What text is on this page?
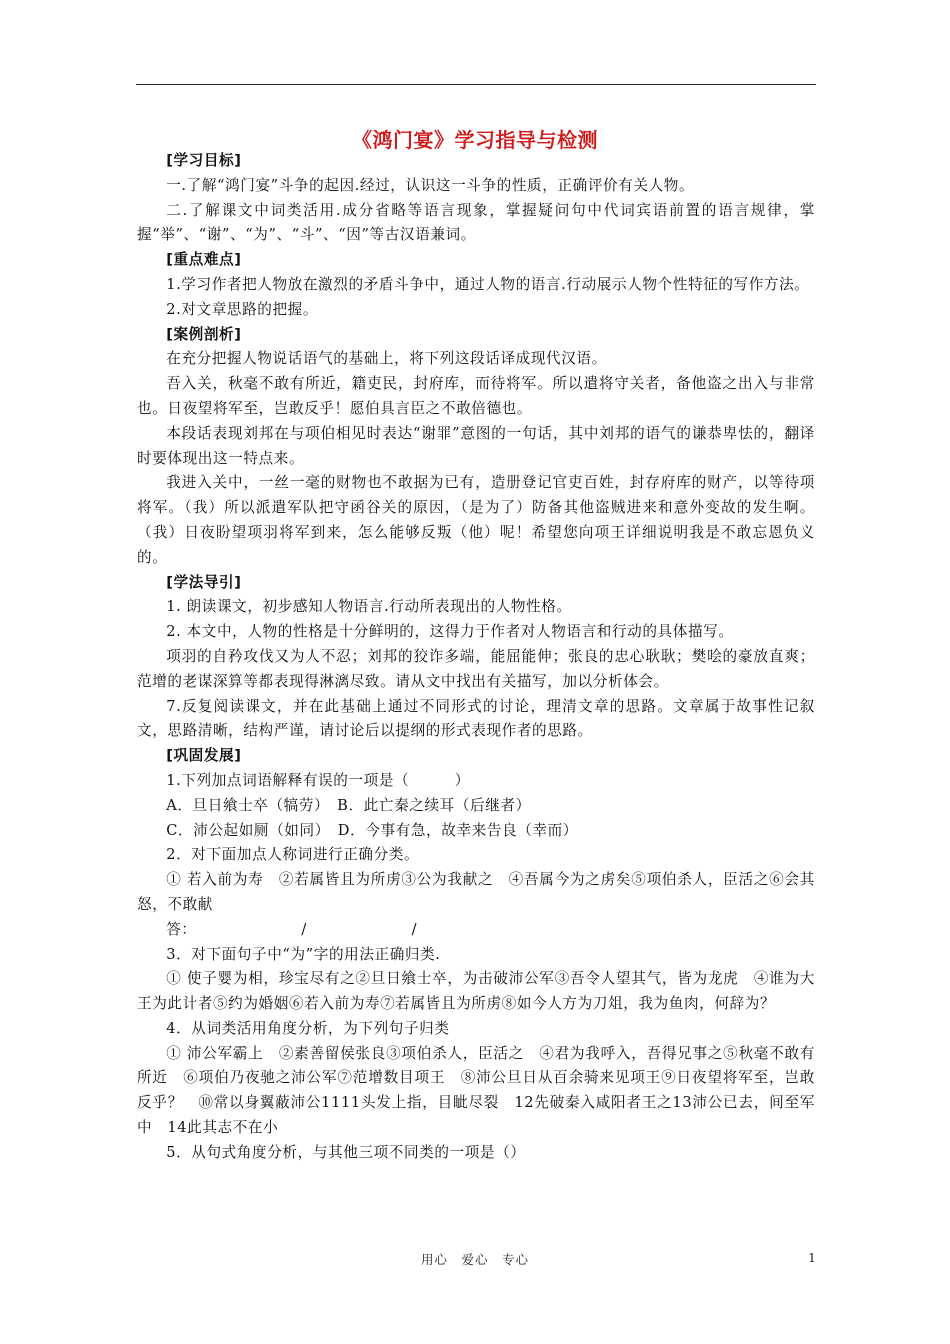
《鸿门宴》学习指导与检测

[学习目标]

一.了解“鸿门宴”斗争的起因.经过，认识这一斗争的性质，正确评价有关人物。

二.了解课文中词类活用.成分省略等语言现象，掌握疑问句中代词宾语前置的语言规律，掌握“举”、“谢”、“为”、“斗”、“因”等古汉语兼词。

[重点难点]

1.学习作者把人物放在激烈的矛盾斗争中，通过人物的语言.行动展示人物个性特征的写作方法。

2.对文章思路的把握。

[案例剖析]

在充分把握人物说话语气的基础上，将下列这段话译成现代汉语。

吾入关，秋毫不敢有所近，籍吏民，封府库，而待将军。所以遣将守关者，备他盗之出入与非常也。日夜望将军至，岂敢反乎！愿伯具言臣之不敢倍德也。

本段话表现刘邦在与项伯相见时表达“谢罪”意图的一句话，其中刘邦的语气的谦恭卑怯的，翻译时要体现出这一特点来。

我进入关中，一丝一毫的财物也不敢据为已有，造册登记官吏百姓，封存府库的财产，以等待项将军。（我）所以派遣军队把守函谷关的原因，（是为了）防备其他盗贼进来和意外变故的发生啊。（我）日夜盼望项羽将军到来，怎么能够反叛（他）呢！希望您向项王详细说明我是不敢忘恩负义的。

[学法导引]

1. 朗读课文，初步感知人物语言.行动所表现出的人物性格。

2. 本文中，人物的性格是十分鲜明的，这得力于作者对人物语言和行动的具体描写。

项羽的自矜攻伐又为人不忍；刘邦的狡诈多端，能屈能伸；张良的忠心耿耿；樊哙的豪放直爽；范增的老谋深算等都表现得淋漓尽致。请从文中找出有关描写，加以分析体会。

7.反复阅读课文，并在此基础上通过不同形式的讨论，理清文章的思路。文章属于故事性记叙文，思路清晰，结构严谨，请讨论后以提纲的形式表现作者的思路。

[巩固发展]

1.下列加点词语解释有误的一项是（　　　）

A．旦日飨士卒（犒劳）　B．此亡秦之续耳（后继者）

C．沛公起如厕（如同）　D．今事有急，故幸来告良（幸而）

2．对下面加点人称词进行正确分类。

① 若入前为寿　②若属皆且为所虏③公为我献之　④吾属今为之虏矣⑤项伯杀人，臣活之⑥会其怒，不敢献

答：                    /                    /

3．对下面句子中“为”字的用法正确归类.

① 使子婴为相，珍宝尽有之②旦日飨士卒，为击破沛公军③吾令人望其气，皆为龙虎　④谁为大王为此计者⑤约为婚姻⑥若入前为寿⑦若属皆且为所虏⑧如今人方为刀俎，我为鱼肉，何辞为？

4．从词类活用角度分析，为下列句子归类

① 沛公军霸上　②素善留侯张良③项伯杀人，臣活之　④君为我呼入，吾得兄事之⑤秋毫不敢有所近　⑥项伯乃夜驰之沛公军⑦范增数目项王　⑧沛公旦日从百余骑来见项王⑨日夜望将军至，岂敢反乎？　⑩常以身翼蔽沛公1111头发上指，目眦尽裂　12先破秦入咸阳者王之13沛公已去，间至军中　14此其志不在小

5．从句式角度分析，与其他三项不同类的一项是（）

用心　爱心　专心	1
